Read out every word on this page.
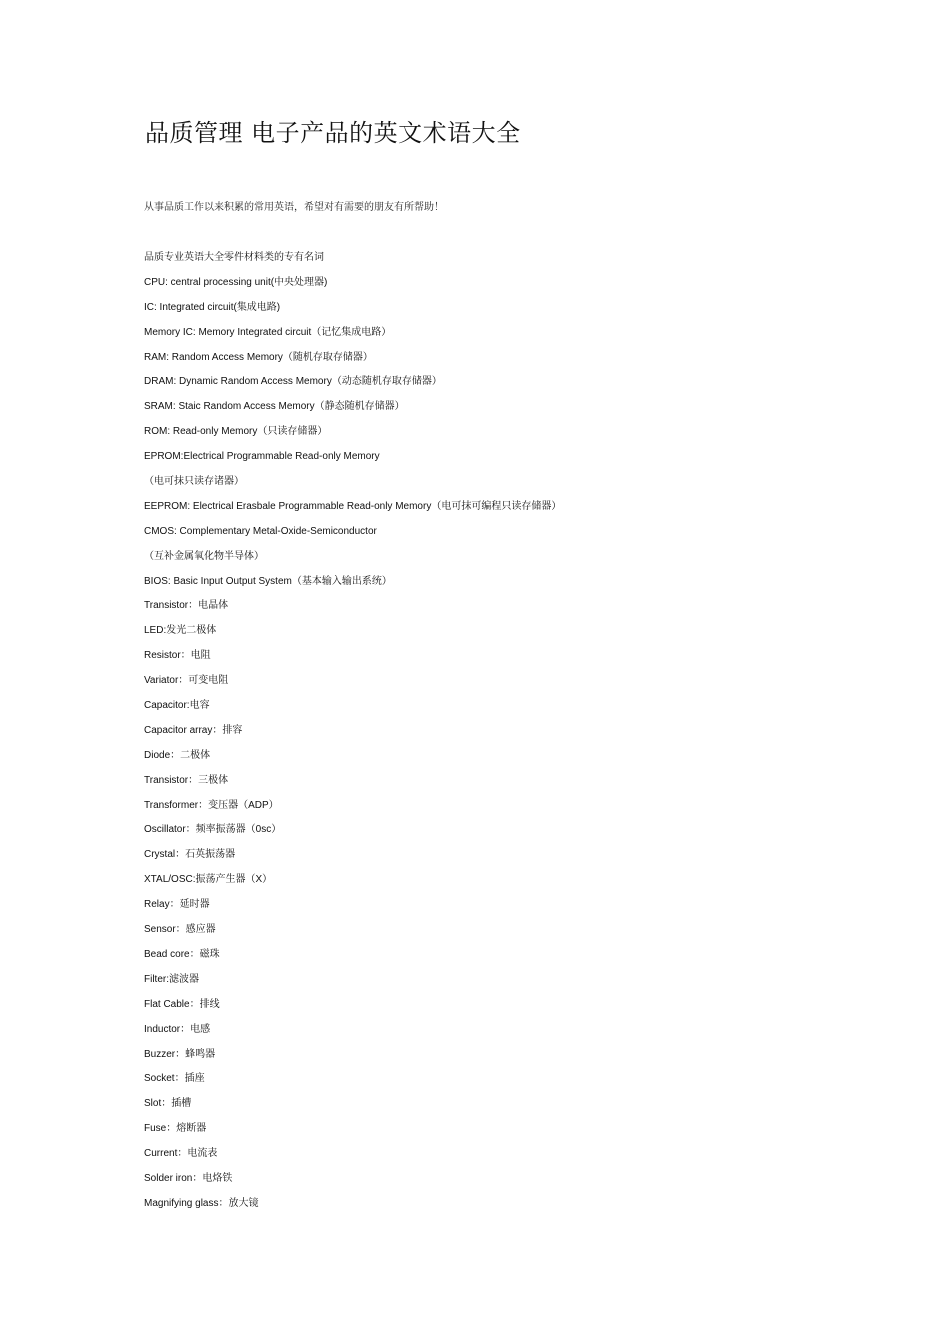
品质管理 电子产品的英文术语大全

从事品质工作以来积累的常用英语，希望对有需要的朋友有所帮助！

品质专业英语大全零件材料类的专有名词
CPU: central processing unit(中央处理器)
IC: Integrated circuit(集成电路)
Memory IC: Memory Integrated circuit（记忆集成电路）
RAM: Random Access Memory（随机存取存储器）
DRAM: Dynamic Random Access Memory（动态随机存取存储器）
SRAM: Staic Random Access Memory（静态随机存储器）
ROM: Read-only Memory（只读存储器）
EPROM:Electrical Programmable Read-only Memory
（电可抹只读存诸器）
EEPROM: Electrical Erasbale Programmable Read-only Memory（电可抹可编程只读存储器）
CMOS: Complementary Metal-Oxide-Semiconductor
（互补金属氧化物半导体）
BIOS: Basic Input Output System（基本输入输出系统）
Transistor：电晶体
LED:发光二极体
Resistor：电阻
Variator：可变电阻
Capacitor:电容
Capacitor array：排容
Diode：二极体
Transistor：三极体
Transformer：变压器（ADP）
Oscillator：频率振荡器（0sc）
Crystal：石英振荡器
XTAL/OSC:振荡产生器（X）
Relay：延时器
Sensor：感应器
Bead core：磁珠
Filter:滤波器
Flat Cable：排线
Inductor：电感
Buzzer：蜂鸣器
Socket：插座
Slot：插槽
Fuse：熔断器
Current：电流表
Solder iron：电烙铁
Magnifying glass：放大镜
